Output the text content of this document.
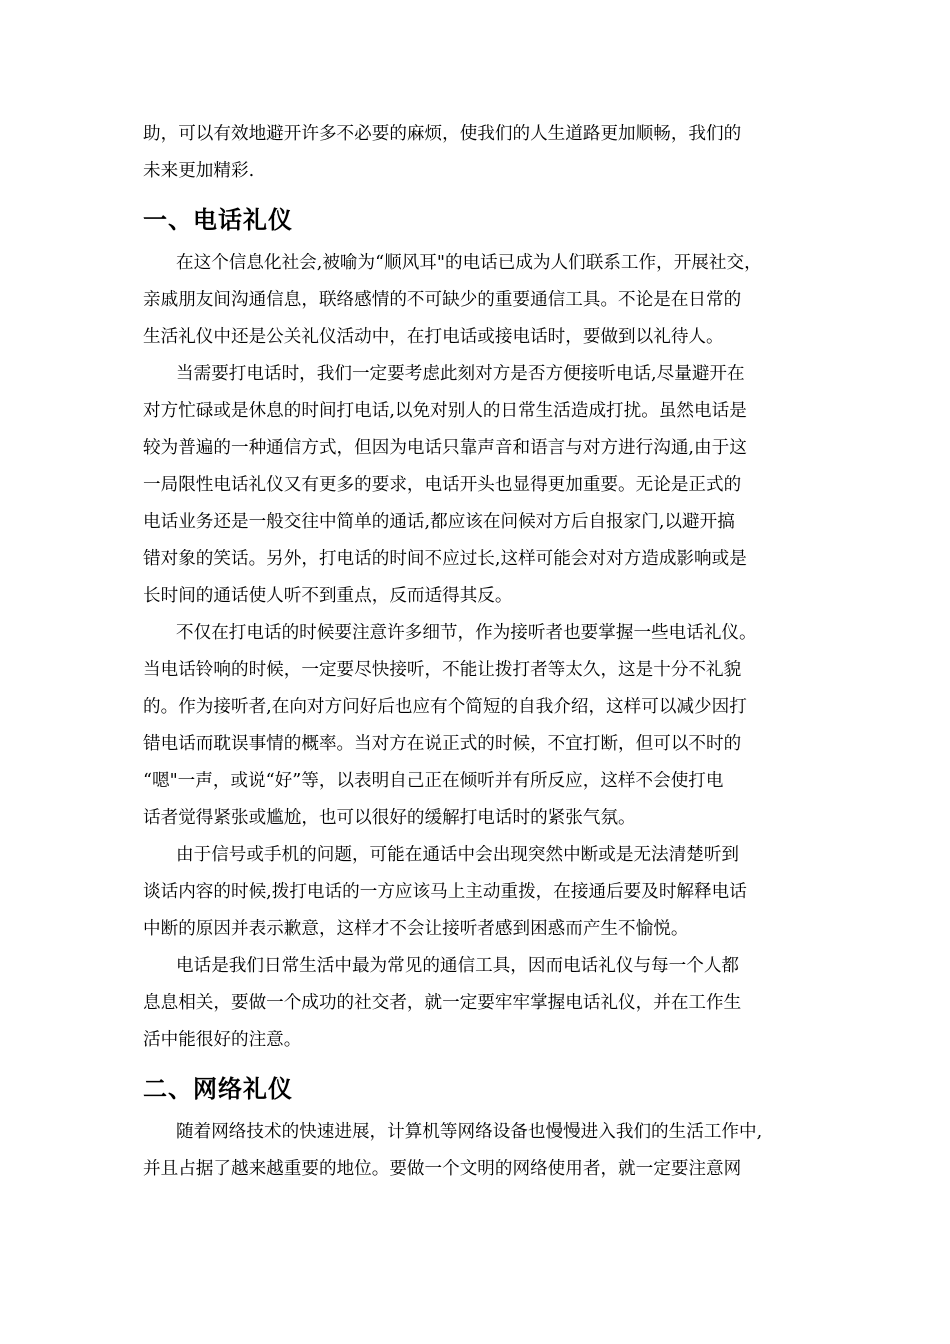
助，可以有效地避开许多不必要的麻烦，使我们的人生道路更加顺畅，我们的
未来更加精彩.
一、电话礼仪
在这个信息化社会,被喻为“顺风耳"的电话已成为人们联系工作，开展社交，
亲戚朋友间沟通信息，联络感情的不可缺少的重要通信工具。不论是在日常的
生活礼仪中还是公关礼仪活动中，在打电话或接电话时，要做到以礼待人。
当需要打电话时，我们一定要考虑此刻对方是否方便接听电话,尽量避开在
对方忙碌或是休息的时间打电话,以免对别人的日常生活造成打扰。虽然电话是
较为普遍的一种通信方式，但因为电话只靠声音和语言与对方进行沟通,由于这
一局限性电话礼仪又有更多的要求，电话开头也显得更加重要。无论是正式的
电话业务还是一般交往中简单的通话,都应该在问候对方后自报家门,以避开搞
错对象的笑话。另外，打电话的时间不应过长,这样可能会对对方造成影响或是
长时间的通话使人听不到重点，反而适得其反。
不仅在打电话的时候要注意许多细节，作为接听者也要掌握一些电话礼仪。
当电话铃响的时候，一定要尽快接听，不能让拨打者等太久，这是十分不礼貌
的。作为接听者,在向对方问好后也应有个简短的自我介绍，这样可以减少因打
错电话而耽误事情的概率。当对方在说正式的时候，不宜打断，但可以不时的
“嗯"一声，或说“好”等，以表明自己正在倾听并有所反应，这样不会使打电
话者觉得紧张或尴尬，也可以很好的缓解打电话时的紧张气氛。
由于信号或手机的问题，可能在通话中会出现突然中断或是无法清楚听到
谈话内容的时候,拨打电话的一方应该马上主动重拨，在接通后要及时解释电话
中断的原因并表示歉意，这样才不会让接听者感到困惑而产生不愉悦。
电话是我们日常生活中最为常见的通信工具，因而电话礼仪与每一个人都
息息相关，要做一个成功的社交者，就一定要牢牢掌握电话礼仪，并在工作生
活中能很好的注意。
二、网络礼仪
随着网络技术的快速进展，计算机等网络设备也慢慢进入我们的生活工作中,
并且占据了越来越重要的地位。要做一个文明的网络使用者，就一定要注意网
